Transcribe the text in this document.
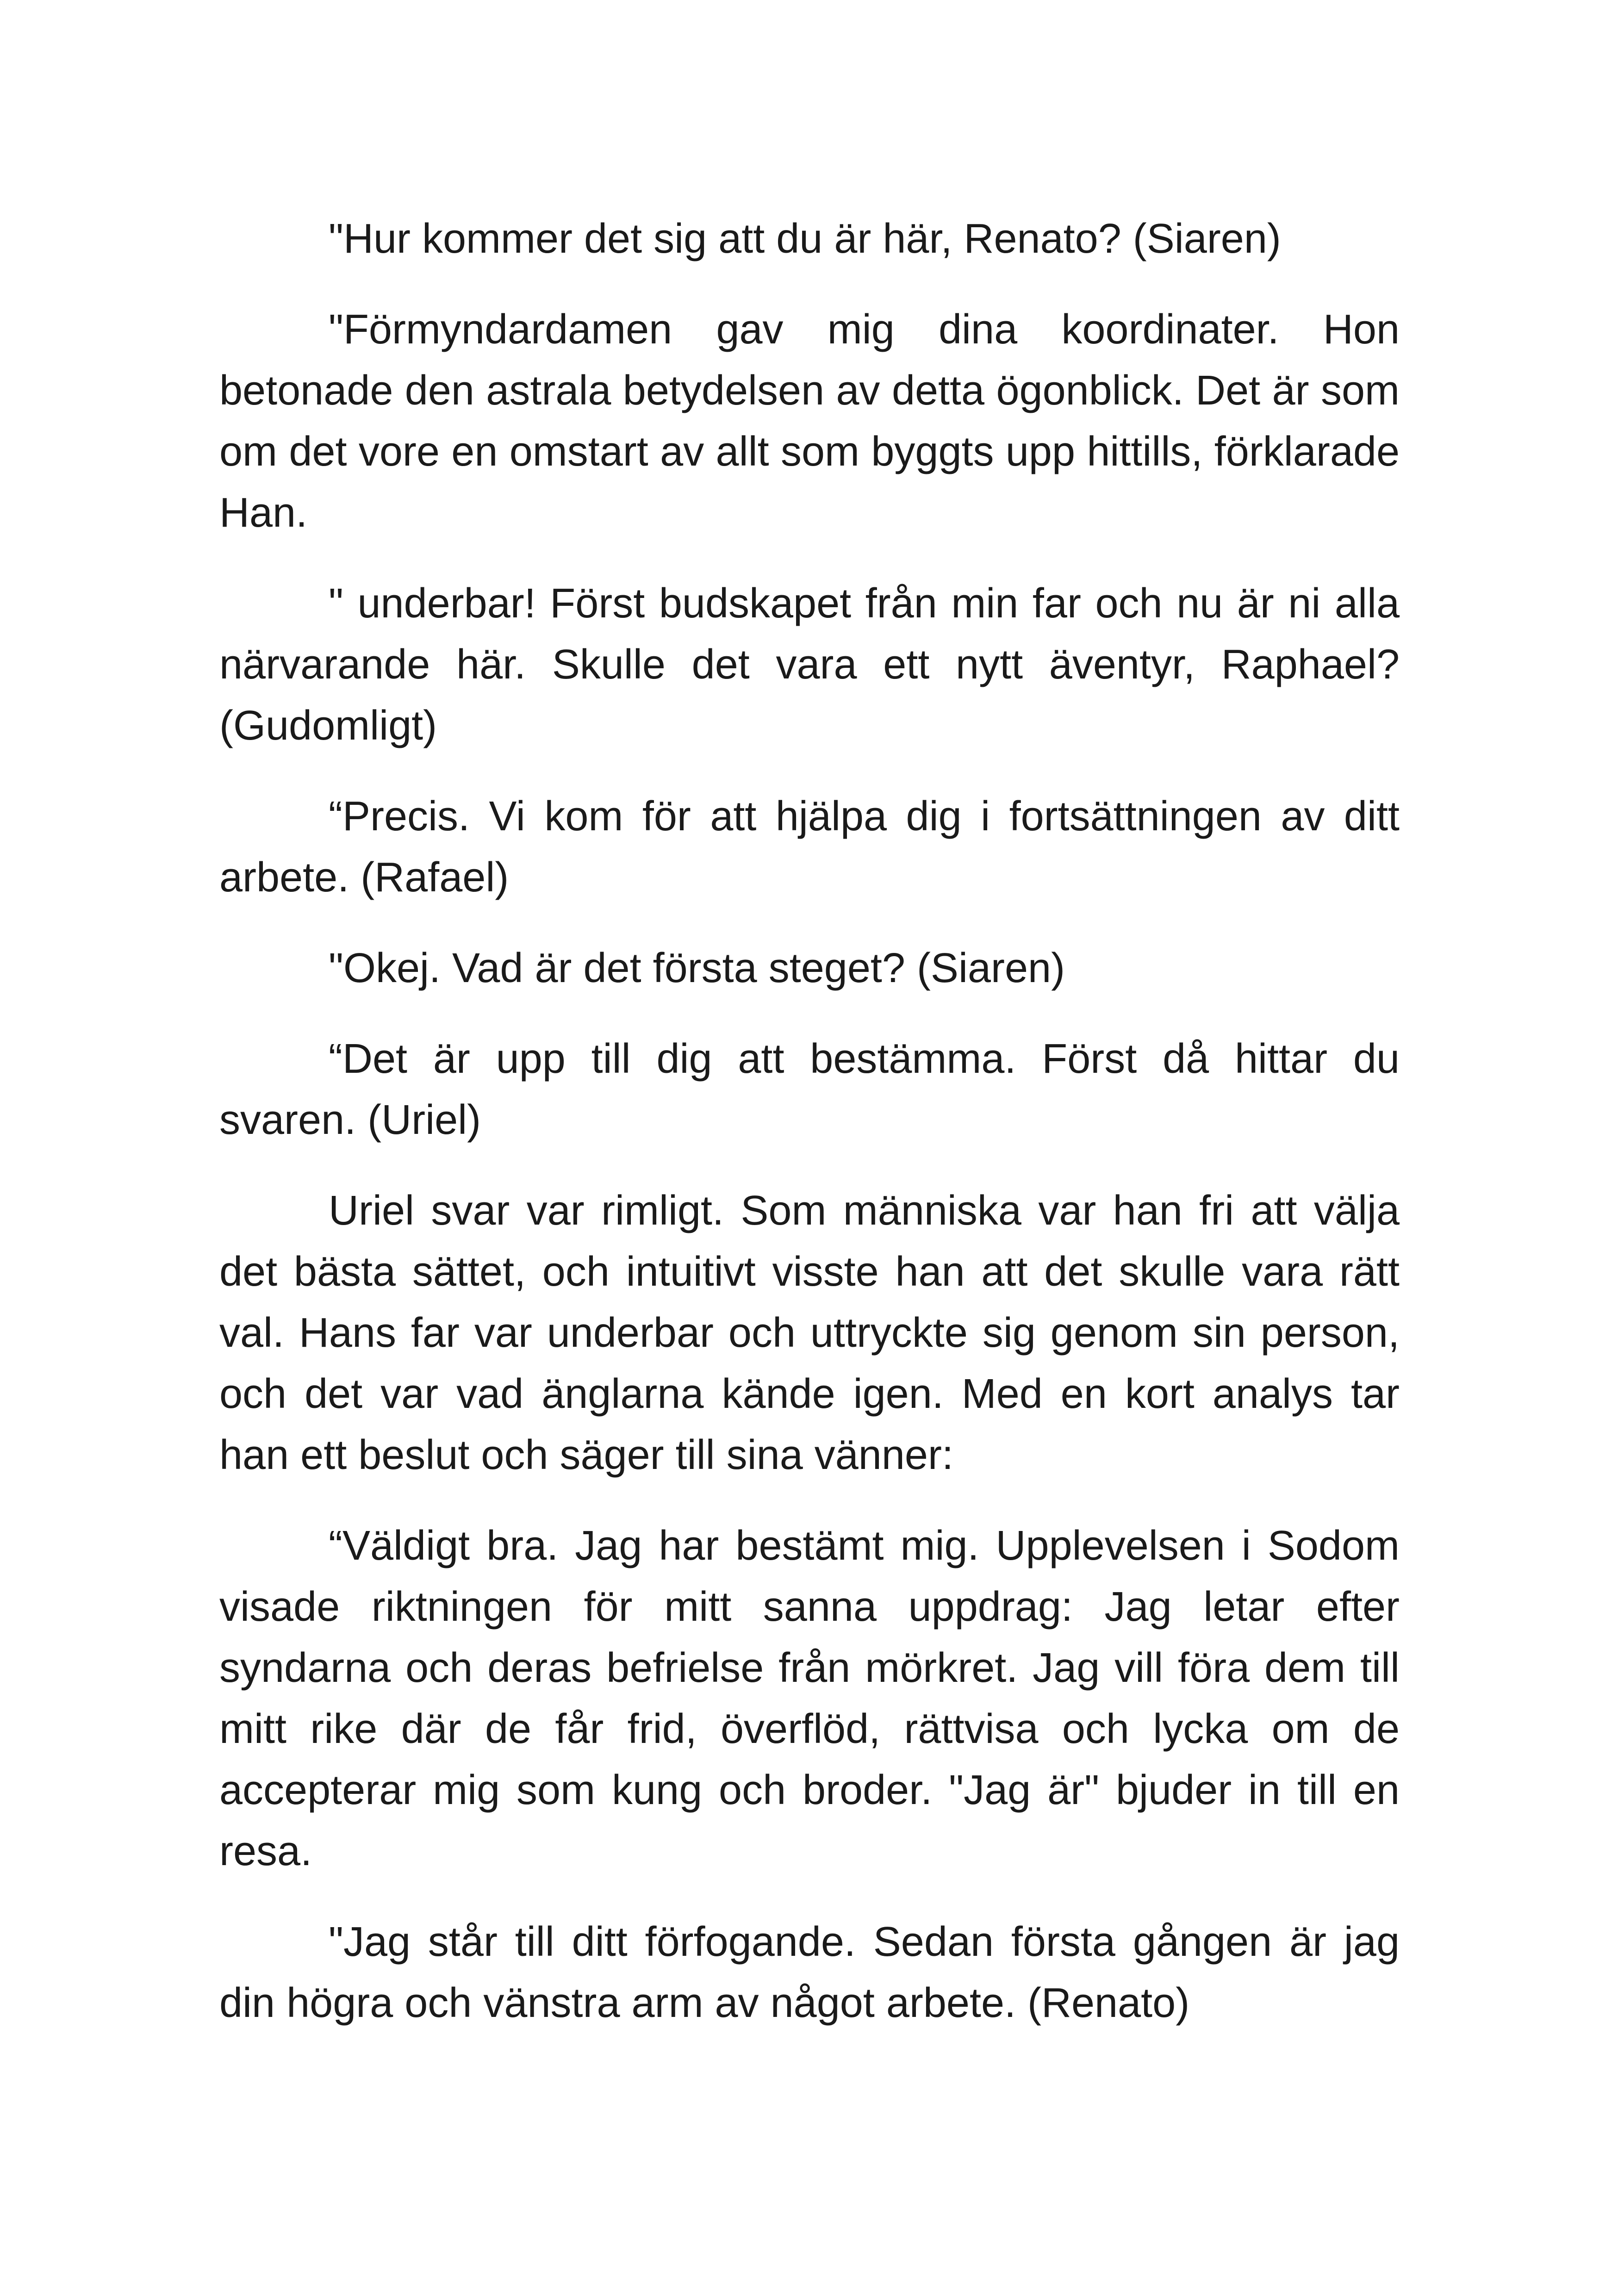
"Hur kommer det sig att du är här, Renato? (Siaren)

"Förmyndardamen gav mig dina koordinater. Hon betonade den astrala betydelsen av detta ögonblick. Det är som om det vore en omstart av allt som byggts upp hittills, förklarade Han.

" underbar! Först budskapet från min far och nu är ni alla närvarande här. Skulle det vara ett nytt äventyr, Raphael? (Gudomligt)

“Precis. Vi kom för att hjälpa dig i fortsättningen av ditt arbete. (Rafael)

"Okej. Vad är det första steget? (Siaren)

“Det är upp till dig att bestämma. Först då hittar du svaren. (Uriel)

Uriel svar var rimligt. Som människa var han fri att välja det bästa sättet, och intuitivt visste han att det skulle vara rätt val. Hans far var underbar och uttryckte sig genom sin person, och det var vad änglarna kände igen. Med en kort analys tar han ett beslut och säger till sina vänner:

“Väldigt bra. Jag har bestämt mig. Upplevelsen i Sodom visade riktningen för mitt sanna uppdrag: Jag letar efter syndarna och deras befrielse från mörkret. Jag vill föra dem till mitt rike där de får frid, överflöd, rättvisa och lycka om de accepterar mig som kung och broder. "Jag är" bjuder in till en resa.

"Jag står till ditt förfogande. Sedan första gången är jag din högra och vänstra arm av något arbete. (Renato)
